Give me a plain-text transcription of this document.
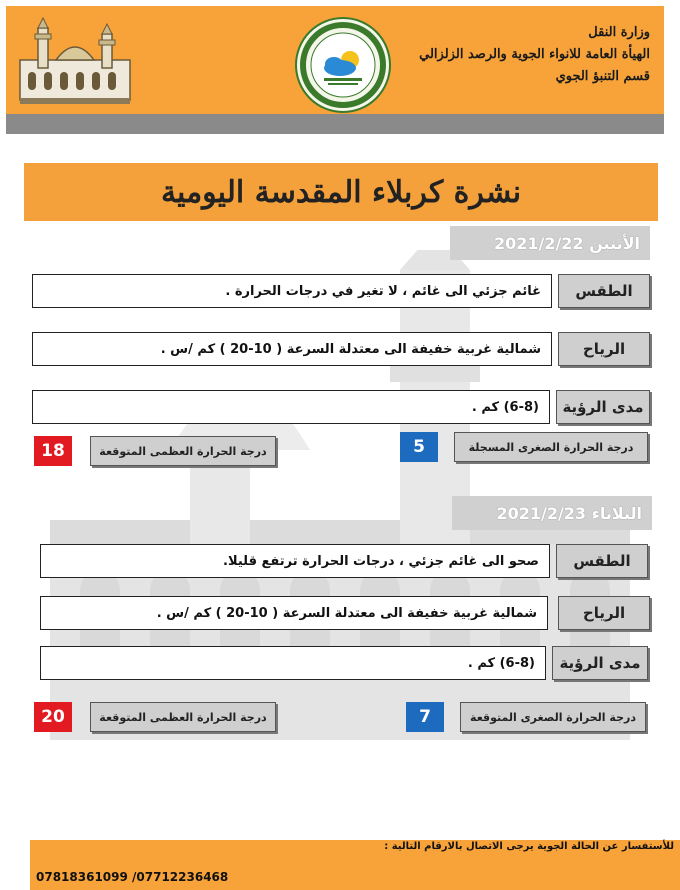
وزارة النقل
الهيأة العامة للانواء الجوية والرصد الزلزالي
قسم التنبؤ الجوي
نشرة كربلاء المقدسة اليومية
الأثنين 2021/2/22
الطقس
غائم جزئي الى غائم ، لا تغير في درجات الحرارة .
الرياح
شمالية غربية خفيفة الى معتدلة السرعة ( 10-20 ) كم /س .
مدى الرؤية
(6-8) كم .
18	درجة الحرارة العظمى المتوقعة	5	درجة الحرارة الصغرى المسجلة
الثلاثاء 2021/2/23
الطقس
صحو الى غائم جزئي ، درجات الحرارة ترتفع قليلا.
الرياح
شمالية غربية خفيفة الى معتدلة السرعة ( 10-20 ) كم /س .
مدى الرؤية
(6-8) كم .
20	درجة الحرارة العظمى المتوقعة	7	درجة الحرارة الصغرى المتوقعة
للأستفسار عن الحالة الجوية يرجى الاتصال بالارقام التالية :
07818361099 /07712236468
